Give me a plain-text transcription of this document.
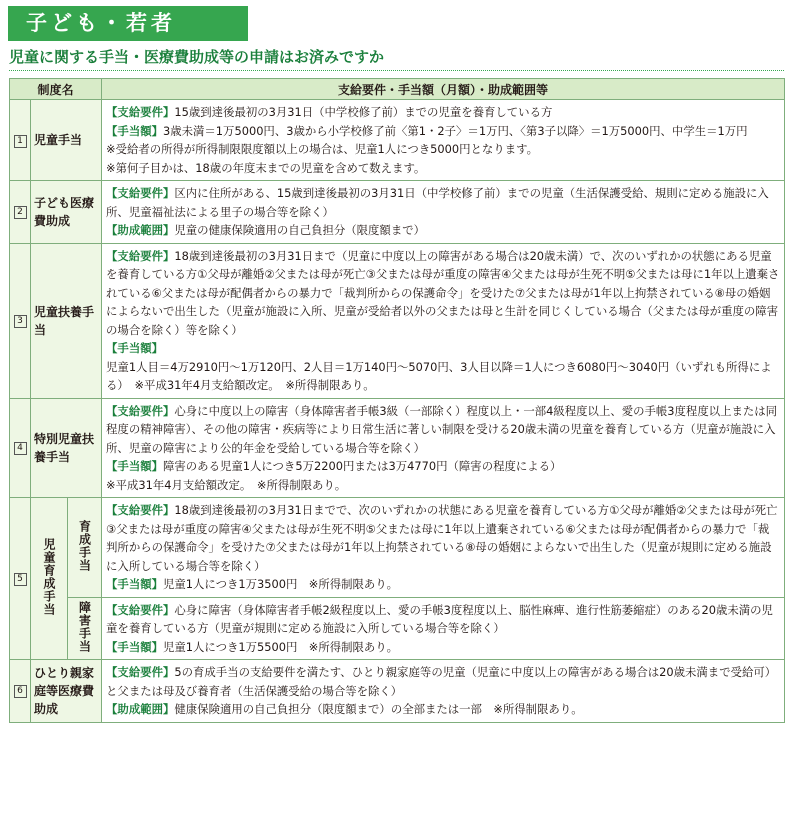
子ども・若者
児童に関する手当・医療費助成等の申請はお済みですか
制度名			支給要件・手当額（月額）・助成範囲等
1	児童手当		【支給要件】15歳到達後最初の3月31日（中学校修了前）までの児童を養育している方
【手当額】3歳未満＝1万5000円、3歳から小学校修了前〈第1・2子〉＝1万円、〈第3子以降〉＝1万5000円、中学生＝1万円
※受給者の所得が所得制限限度額以上の場合は、児童1人につき5000円となります。
※第何子目かは、18歳の年度末までの児童を含めて数えます。

2	子ども医療費助成		【支給要件】区内に住所がある、15歳到達後最初の3月31日（中学校修了前）までの児童（生活保護受給、規則に定める施設に入所、児童福祉法による里子の場合等を除く）
【助成範囲】児童の健康保険適用の自己負担分（限度額まで）

3	児童扶養手当		【支給要件】18歳到達後最初の3月31日まで（児童に中度以上の障害がある場合は20歳未満）で、次のいずれかの状態にある児童を養育している方①父母が離婚②父または母が死亡③父または母が重度の障害④父または母が生死不明⑤父または母に1年以上遺棄されている⑥父または母が配偶者からの暴力で「裁判所からの保護命令」を受けた⑦父または母が1年以上拘禁されている⑧母の婚姻によらないで出生した（児童が施設に入所、児童が受給者以外の父または母と生計を同じくしている場合（父または母が重度の障害の場合を除く）等を除く）
【手当額】
児童1人目＝4万2910円〜1万120円、2人目＝1万140円〜5070円、3人目以降＝1人につき6080円〜3040円（いずれも所得による）　※平成31年4月支給額改定。　※所得制限あり。

4	特別児童扶養手当		【支給要件】心身に中度以上の障害（身体障害者手帳3級（一部除く）程度以上・一部4級程度以上、愛の手帳3度程度以上または同程度の精神障害）、その他の障害・疾病等により日常生活に著しい制限を受ける20歳未満の児童を養育している方（児童が施設に入所、児童の障害により公的年金を受給している場合等を除く）
【手当額】障害のある児童1人につき5万2200円または3万4770円（障害の程度による）
※平成31年4月支給額改定。　※所得制限あり。

5	児童育成手当	育成手当	【支給要件】18歳到達後最初の3月31日までで、次のいずれかの状態にある児童を養育している方①父母が離婚②父または母が死亡③父または母が重度の障害④父または母が生死不明⑤父または母に1年以上遺棄されている⑥父または母が配偶者からの暴力で「裁判所からの保護命令」を受けた⑦父または母が1年以上拘禁されている⑧母の婚姻によらないで出生した（児童が規則に定める施設に入所している場合等を除く）
【手当額】児童1人につき1万3500円　※所得制限あり。

		障害手当	【支給要件】心身に障害（身体障害者手帳2級程度以上、愛の手帳3度程度以上、脳性麻痺、進行性筋萎縮症）のある20歳未満の児童を養育している方（児童が規則に定める施設に入所している場合等を除く）
【手当額】児童1人につき1万5500円　※所得制限あり。

6	ひとり親家庭等医療費助成		【支給要件】5の育成手当の支給要件を満たす、ひとり親家庭等の児童（児童に中度以上の障害がある場合は20歳未満まで受給可）と父または母及び養育者（生活保護受給の場合等を除く）
【助成範囲】健康保険適用の自己負担分（限度額まで）の全部または一部　※所得制限あり。
